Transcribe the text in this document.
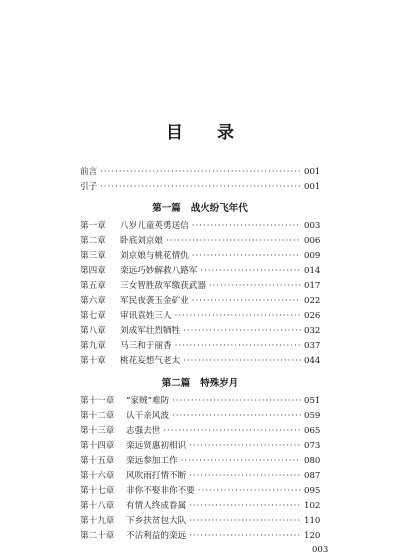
目 录
前言 ·····	001
引子 ·····	001
第一篇   战火纷飞年代
第一章	八岁儿童英勇送信 ·····	003
第二章	卧底刘京娘 ·····	006
第三章	刘京娘与桃花情仇 ·····	009
第四章	栾远巧妙解救八路军 ·····	014
第五章	三女智胜敌军缴获武器 ·····	017
第六章	军民夜袭玉金矿业 ·····	022
第七章	审讯袁姓三人 ·····	026
第八章	刘成军壮烈牺牲 ·····	032
第九章	马三和于丽香 ·····	037
第十章	桃花妄想气老太 ·····	044
第二篇   特殊岁月
第十一章	“家贼”难防 ·····	051
第十二章	认干亲风波 ·····	059
第十三章	志强去世 ·····	065
第十四章	栾远贤惠初相识 ·····	073
第十五章	栾远参加工作 ·····	080
第十六章	风吹雨打情不断 ·····	087
第十七章	非你不娶非你不要 ·····	095
第十八章	有情人终成眷属 ·····	102
第十九章	下乡扶贫包大队 ·····	110
第二十章	不沾利益的栾远 ·····	120
003
